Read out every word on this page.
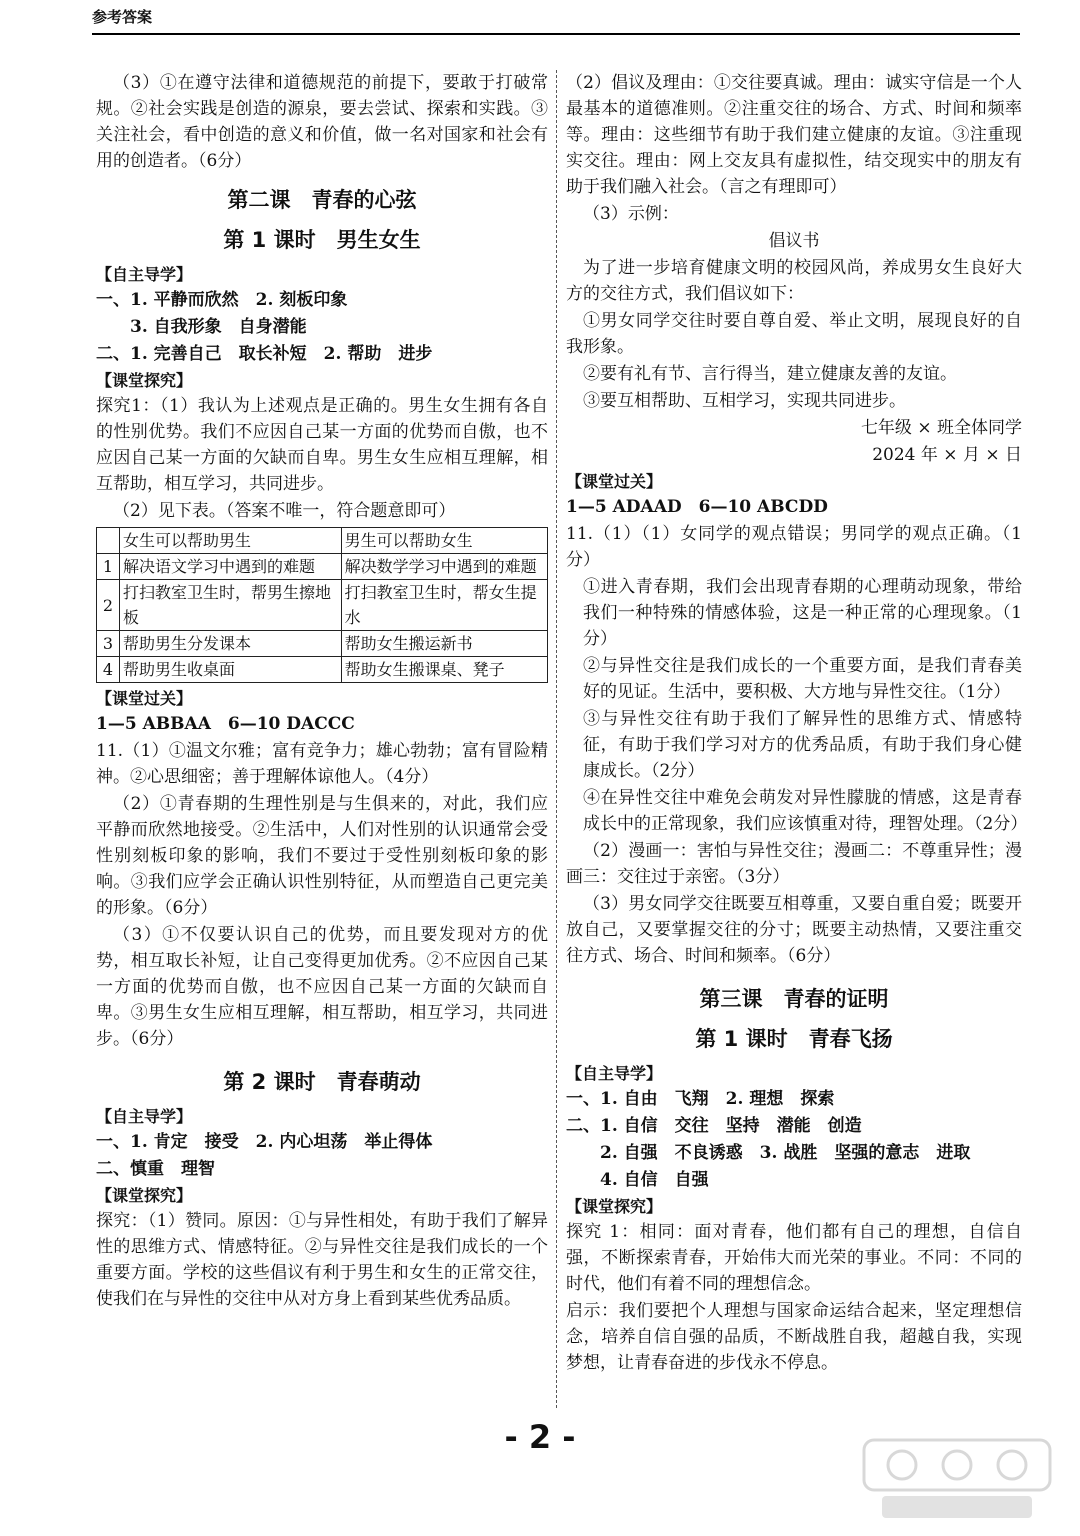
参考答案

（3）①在遵守法律和道德规范的前提下，要敢于打破常规。②社会实践是创造的源泉，要去尝试、探索和实践。③关注社会，看中创造的意义和价值，做一名对国家和社会有用的创造者。（6分）

第二课　青春的心弦
第 1 课时　男生女生
【自主导学】

一、1. 平静而欣然　2. 刻板印象

3. 自我形象　自身潜能

二、1. 完善自己　取长补短　2. 帮助　进步

【课堂探究】

探究1：（1）我认为上述观点是正确的。男生女生拥有各自的性别优势。我们不应因自己某一方面的优势而自傲，也不应因自己某一方面的欠缺而自卑。男生女生应相互理解，相互帮助，相互学习，共同进步。

（2）见下表。（答案不唯一，符合题意即可）

	女生可以帮助男生	男生可以帮助女生
1	解决语文学习中遇到的难题	解决数学学习中遇到的难题
2	打扫教室卫生时，帮男生擦地板	打扫教室卫生时，帮女生提水
3	帮助男生分发课本	帮助女生搬运新书
4	帮助男生收桌面	帮助女生搬课桌、凳子
【课堂过关】

1—5 ABBAA　6—10 DACCC

11.（1）①温文尔雅；富有竞争力；雄心勃勃；富有冒险精神。②心思细密；善于理解体谅他人。（4分）

（2）①青春期的生理性别是与生俱来的，对此，我们应平静而欣然地接受。②生活中，人们对性别的认识通常会受性别刻板印象的影响，我们不要过于受性别刻板印象的影响。③我们应学会正确认识性别特征，从而塑造自己更完美的形象。（6分）

（3）①不仅要认识自己的优势，而且要发现对方的优势，相互取长补短，让自己变得更加优秀。②不应因自己某一方面的优势而自傲，也不应因自己某一方面的欠缺而自卑。③男生女生应相互理解，相互帮助，相互学习，共同进步。（6分）

第 2 课时　青春萌动
【自主导学】

一、1. 肯定　接受　2. 内心坦荡　举止得体

二、慎重　理智

【课堂探究】

探究：（1）赞同。原因：①与异性相处，有助于我们了解异性的思维方式、情感特征。②与异性交往是我们成长的一个重要方面。学校的这些倡议有利于男生和女生的正常交往，使我们在与异性的交往中从对方身上看到某些优秀品质。

（2）倡议及理由：①交往要真诚。理由：诚实守信是一个人最基本的道德准则。②注重交往的场合、方式、时间和频率等。理由：这些细节有助于我们建立健康的友谊。③注重现实交往。理由：网上交友具有虚拟性，结交现实中的朋友有助于我们融入社会。（言之有理即可）

（3）示例：

倡议书

为了进一步培育健康文明的校园风尚，养成男女生良好大方的交往方式，我们倡议如下：

①男女同学交往时要自尊自爱、举止文明，展现良好的自我形象。

②要有礼有节、言行得当，建立健康友善的友谊。

③要互相帮助、互相学习，实现共同进步。

七年级 × 班全体同学

2024 年 × 月 × 日

【课堂过关】

1—5 ADAAD　6—10 ABCDD

11.（1）（1）女同学的观点错误；男同学的观点正确。（1分）

①进入青春期，我们会出现青春期的心理萌动现象，带给我们一种特殊的情感体验，这是一种正常的心理现象。（1分）

②与异性交往是我们成长的一个重要方面，是我们青春美好的见证。生活中，要积极、大方地与异性交往。（1分）

③与异性交往有助于我们了解异性的思维方式、情感特征，有助于我们学习对方的优秀品质，有助于我们身心健康成长。（2分）

④在异性交往中难免会萌发对异性朦胧的情感，这是青春成长中的正常现象，我们应该慎重对待，理智处理。（2分）

（2）漫画一：害怕与异性交往；漫画二：不尊重异性；漫画三：交往过于亲密。（3分）

（3）男女同学交往既要互相尊重，又要自重自爱；既要开放自己，又要掌握交往的分寸；既要主动热情，又要注重交往方式、场合、时间和频率。（6分）

第三课　青春的证明
第 1 课时　青春飞扬
【自主导学】

一、1. 自由　飞翔　2. 理想　探索

二、1. 自信　交往　坚持　潜能　创造

2. 自强　不良诱惑　3. 战胜　坚强的意志　进取

4. 自信　自强

【课堂探究】

探究 1：相同：面对青春，他们都有自己的理想，自信自强，不断探索青春，开始伟大而光荣的事业。不同：不同的时代，他们有着不同的理想信念。

启示：我们要把个人理想与国家命运结合起来，坚定理想信念，培养自信自强的品质，不断战胜自我，超越自我，实现梦想，让青春奋进的步伐永不停息。

- 2 -
